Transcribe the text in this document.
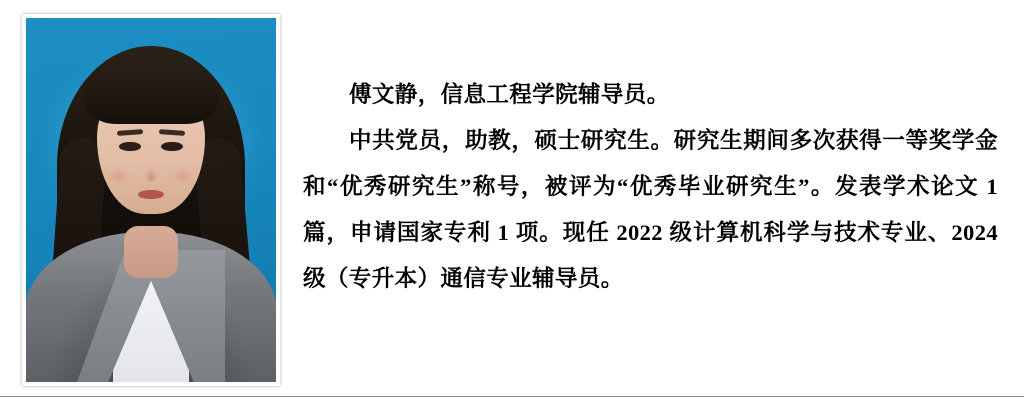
傅文静，信息工程学院辅导员。

中共党员，助教，硕士研究生。研究生期间多次获得一等奖学金和“优秀研究生”称号，被评为“优秀毕业研究生”。发表学术论文 1 篇，申请国家专利 1 项。现任 2022 级计算机科学与技术专业、2024 级（专升本）通信专业辅导员。
